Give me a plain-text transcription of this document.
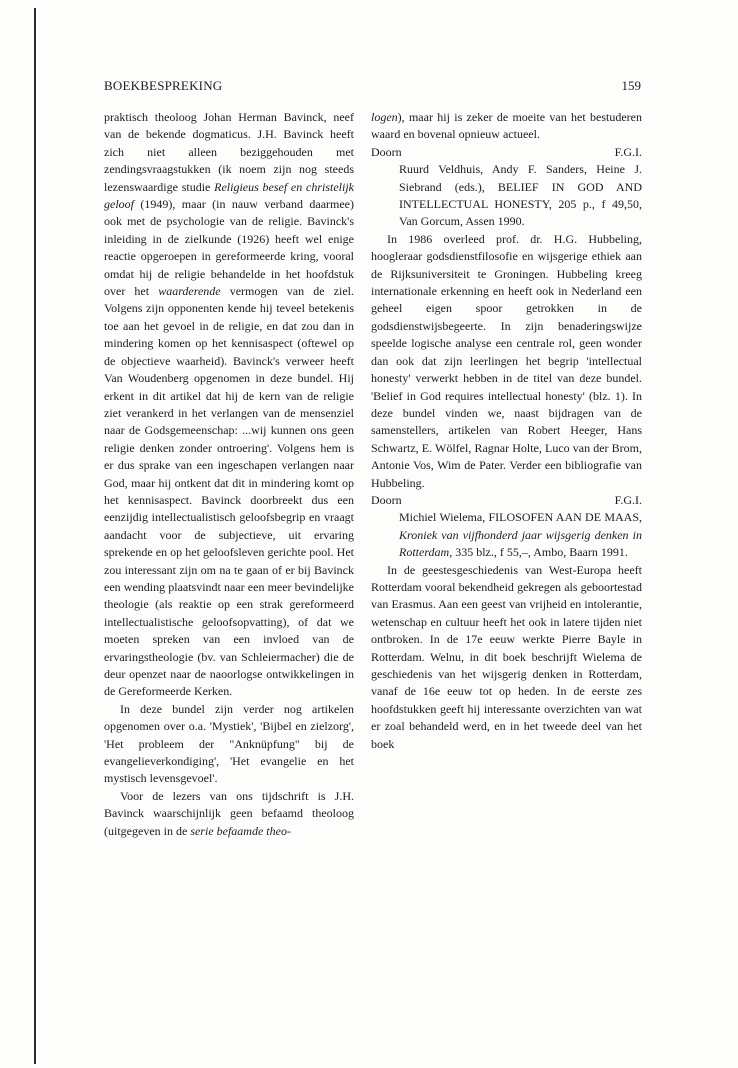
BOEKBESPREKING	159

praktisch theoloog Johan Herman Bavinck, neef van de bekende dogmaticus. J.H. Bavinck heeft zich niet alleen beziggehouden met zendingsvraagstukken (ik noem zijn nog steeds lezenswaardige studie Religieus besef en christelijk geloof (1949), maar (in nauw verband daarmee) ook met de psychologie van de religie. Bavinck's inleiding in de zielkunde (1926) heeft wel enige reactie opgeroepen in gereformeerde kring, vooral omdat hij de religie behandelde in het hoofdstuk over het waarderende vermogen van de ziel. Volgens zijn opponenten kende hij teveel betekenis toe aan het gevoel in de religie, en dat zou dan in mindering komen op het kennisaspect (oftewel op de objectieve waarheid). Bavinck's verweer heeft Van Woudenberg opgenomen in deze bundel. Hij erkent in dit artikel dat hij de kern van de religie ziet verankerd in het verlangen van de mensenziel naar de Godsgemeenschap: ...wij kunnen ons geen religie denken zonder ontroering'. Volgens hem is er dus sprake van een ingeschapen verlangen naar God, maar hij ontkent dat dit in mindering komt op het kennisaspect. Bavinck doorbreekt dus een eenzijdig intellectualistisch geloofsbegrip en vraagt aandacht voor de subjectieve, uit ervaring sprekende en op het geloofsleven gerichte pool. Het zou interessant zijn om na te gaan of er bij Bavinck een wending plaatsvindt naar een meer bevindelijke theologie (als reaktie op een strak gereformeerd intellectualistische geloofsopvatting), of dat we moeten spreken van een invloed van de ervaringstheologie (bv. van Schleiermacher) die de deur openzet naar de naoorlogse ontwikkelingen in de Gereformeerde Kerken.

In deze bundel zijn verder nog artikelen opgenomen over o.a. 'Mystiek', 'Bijbel en zielzorg', 'Het probleem der "Anknüpfung" bij de evangelieverkondiging', 'Het evangelie en het mystisch levensgevoel'.

Voor de lezers van ons tijdschrift is J.H. Bavinck waarschijnlijk geen befaamd theoloog (uitgegeven in de serie befaamde theo-

logen), maar hij is zeker de moeite van het bestuderen waard en bovenal opnieuw actueel.

Doorn	F.G.I.

Ruurd Veldhuis, Andy F. Sanders, Heine J. Siebrand (eds.), BELIEF IN GOD AND INTELLECTUAL HONESTY, 205 p., f 49,50, Van Gorcum, Assen 1990.

In 1986 overleed prof. dr. H.G. Hubbeling, hoogleraar godsdienstfilosofie en wijsgerige ethiek aan de Rijksuniversiteit te Groningen. Hubbeling kreeg internationale erkenning en heeft ook in Nederland een geheel eigen spoor getrokken in de godsdienstwijsbegeerte. In zijn benaderingswijze speelde logische analyse een centrale rol, geen wonder dan ook dat zijn leerlingen het begrip 'intellectual honesty' verwerkt hebben in de titel van deze bundel. 'Belief in God requires intellectual honesty' (blz. 1). In deze bundel vinden we, naast bijdragen van de samenstellers, artikelen van Robert Heeger, Hans Schwartz, E. Wölfel, Ragnar Holte, Luco van der Brom, Antonie Vos, Wim de Pater. Verder een bibliografie van Hubbeling.

Doorn	F.G.I.

Michiel Wielema, FILOSOFEN AAN DE MAAS, Kroniek van vijfhonderd jaar wijsgerig denken in Rotterdam, 335 blz., f 55,–, Ambo, Baarn 1991.

In de geestesgeschiedenis van West-Europa heeft Rotterdam vooral bekendheid gekregen als geboortestad van Erasmus. Aan een geest van vrijheid en intolerantie, wetenschap en cultuur heeft het ook in latere tijden niet ontbroken. In de 17e eeuw werkte Pierre Bayle in Rotterdam. Welnu, in dit boek beschrijft Wielema de geschiedenis van het wijsgerig denken in Rotterdam, vanaf de 16e eeuw tot op heden. In de eerste zes hoofdstukken geeft hij interessante overzichten van wat er zoal behandeld werd, en in het tweede deel van het boek
